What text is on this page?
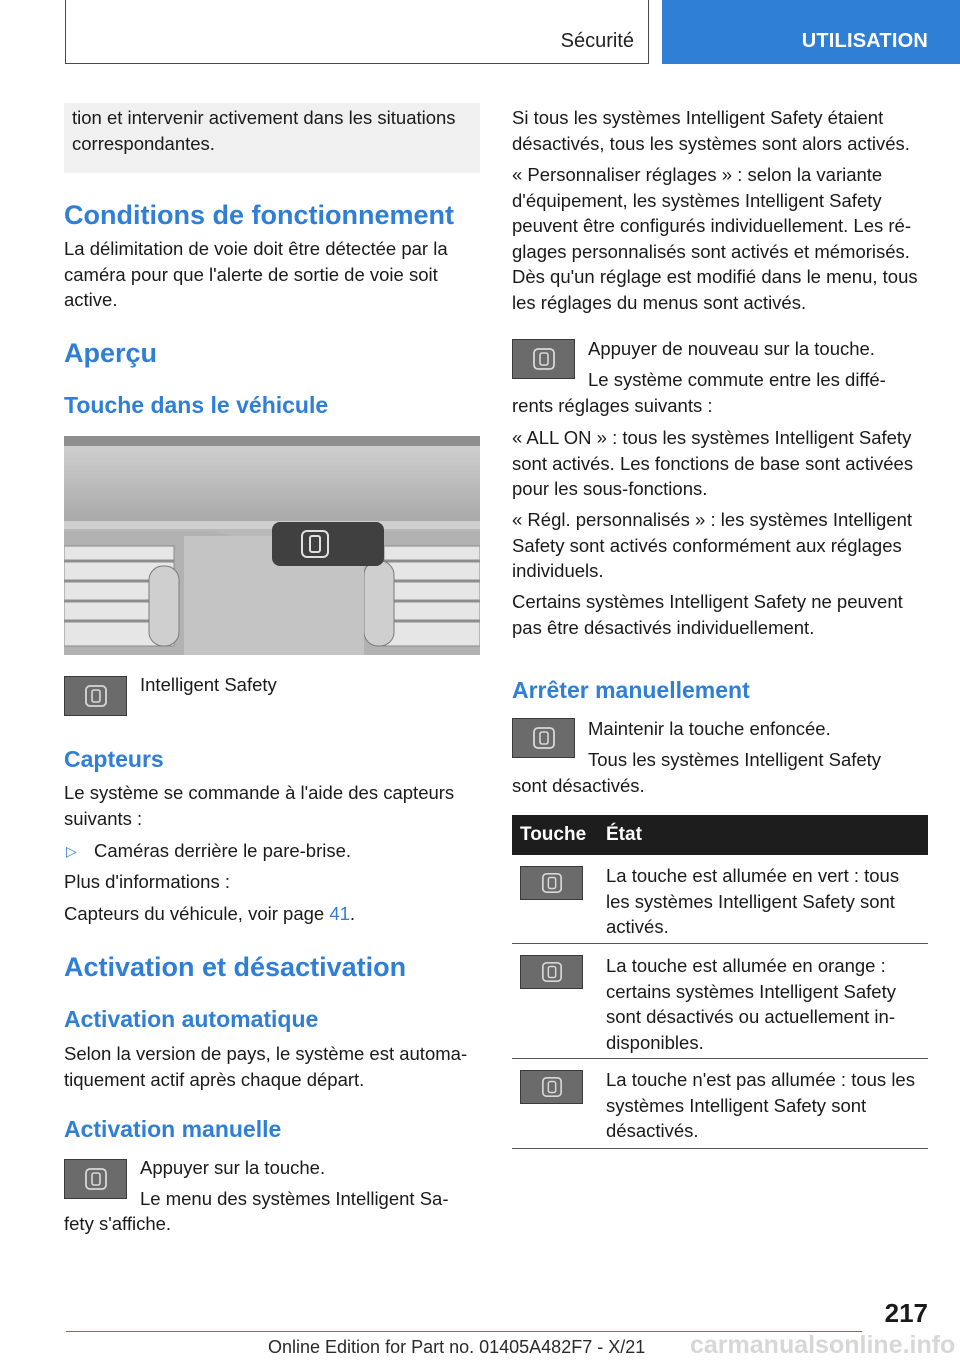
Sécurité	UTILISATION
tion et intervenir activement dans les situations correspondantes.
Conditions de fonctionnement
La délimitation de voie doit être détectée par la caméra pour que l'alerte de sortie de voie soit active.
Aperçu
Touche dans le véhicule
Intelligent Safety
Capteurs
Le système se commande à l'aide des capteurs suivants :
▷ Caméras derrière le pare-brise.
Plus d'informations :
Capteurs du véhicule, voir page 41.
Activation et désactivation
Activation automatique
Selon la version de pays, le système est automatiquement actif après chaque départ.
Activation manuelle
Appuyer sur la touche.
Le menu des systèmes Intelligent Sa-
fety s'affiche.
Si tous les systèmes Intelligent Safety étaient désactivés, tous les systèmes sont alors activés.
« Personnaliser réglages » : selon la variante d'équipement, les systèmes Intelligent Safety peuvent être configurés individuellement. Les réglages personnalisés sont activés et mémorisés. Dès qu'un réglage est modifié dans le menu, tous les réglages du menus sont activés.
Appuyer de nouveau sur la touche.
Le système commute entre les diffé-
rents réglages suivants :
« ALL ON » : tous les systèmes Intelligent Safety sont activés. Les fonctions de base sont activées pour les sous-fonctions.
« Régl. personnalisés » : les systèmes Intelligent Safety sont activés conformément aux réglages individuels.
Certains systèmes Intelligent Safety ne peuvent pas être désactivés individuellement.
Arrêter manuellement
Maintenir la touche enfoncée.
Tous les systèmes Intelligent Safety
sont désactivés.
Touche État
La touche est allumée en vert : tous les systèmes Intelligent Safety sont activés.
La touche est allumée en orange : certains systèmes Intelligent Safety sont désactivés ou actuellement indisponibles.
La touche n'est pas allumée : tous les systèmes Intelligent Safety sont désactivés.
217
Online Edition for Part no. 01405A482F7 - X/21 carmanualsonline.info
